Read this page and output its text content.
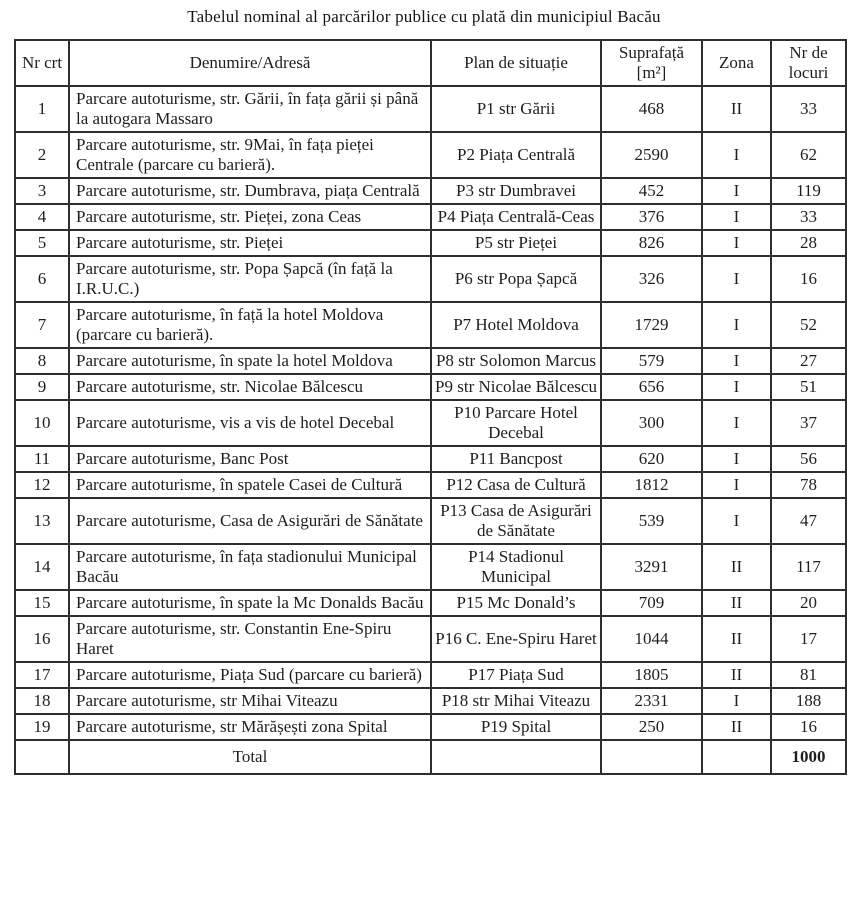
Tabelul nominal al parcărilor publice cu plată din municipiul Bacău
Nr crt	Denumire/Adresă	Plan de situație	Suprafață [m²]	Zona	Nr de locuri
1	Parcare autoturisme, str. Gării, în fața gării și până la autogara Massaro	P1 str Gării	468	II	33
2	Parcare autoturisme, str. 9Mai, în fața pieței Centrale (parcare cu barieră).	P2 Piața Centrală	2590	I	62
3	Parcare autoturisme, str. Dumbrava, piața Centrală	P3 str Dumbravei	452	I	119
4	Parcare autoturisme, str. Pieței, zona Ceas	P4 Piața Centrală-Ceas	376	I	33
5	Parcare autoturisme, str. Pieței	P5 str Pieței	826	I	28
6	Parcare autoturisme, str. Popa Șapcă (în față la I.R.U.C.)	P6 str Popa Șapcă	326	I	16
7	Parcare autoturisme, în față la hotel Moldova (parcare cu barieră).	P7 Hotel Moldova	1729	I	52
8	Parcare autoturisme, în spate la hotel Moldova	P8 str Solomon Marcus	579	I	27
9	Parcare autoturisme, str. Nicolae Bălcescu	P9 str Nicolae Bălcescu	656	I	51
10	Parcare autoturisme, vis a vis de hotel Decebal	P10 Parcare Hotel Decebal	300	I	37
11	Parcare autoturisme, Banc Post	P11 Bancpost	620	I	56
12	Parcare autoturisme, în spatele Casei de Cultură	P12 Casa de Cultură	1812	I	78
13	Parcare autoturisme, Casa de Asigurări de Sănătate	P13 Casa de Asigurări de Sănătate	539	I	47
14	Parcare autoturisme, în fața stadionului Municipal Bacău	P14 Stadionul Municipal	3291	II	117
15	Parcare autoturisme, în spate la Mc Donalds Bacău	P15 Mc Donald’s	709	II	20
16	Parcare autoturisme, str. Constantin Ene-Spiru Haret	P16 C. Ene-Spiru Haret	1044	II	17
17	Parcare autoturisme, Piața Sud (parcare cu barieră)	P17 Piața Sud	1805	II	81
18	Parcare autoturisme, str Mihai Viteazu	P18 str Mihai Viteazu	2331	I	188
19	Parcare autoturisme, str Mărășești zona Spital	P19 Spital	250	II	16
	Total				1000
